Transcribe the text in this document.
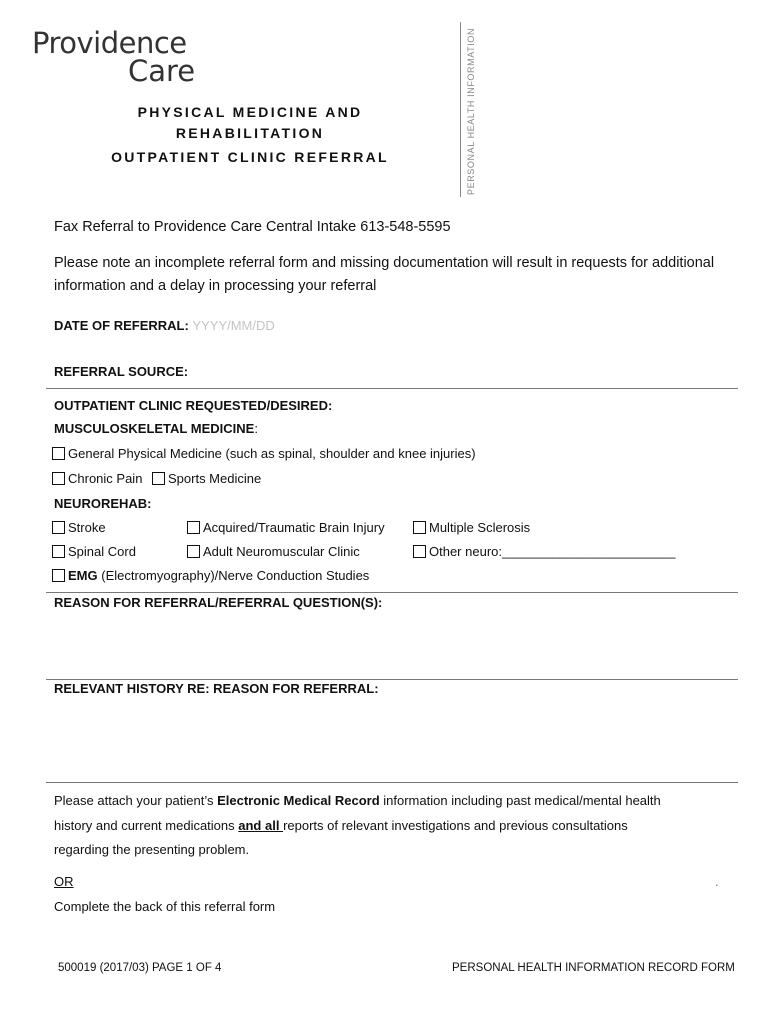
Providence
Care
PHYSICAL MEDICINE AND
REHABILITATION
OUTPATIENT CLINIC REFERRAL	PERSONAL HEALTH INFORMATION
Fax Referral to Providence Care Central Intake 613-548-5595
Please note an incomplete referral form and missing documentation will result in requests for additional
information and a delay in processing your referral
DATE OF REFERRAL: YYYY/MM/DD
REFERRAL SOURCE:
OUTPATIENT CLINIC REQUESTED/DESIRED:
MUSCULOSKELETAL MEDICINE:
General Physical Medicine (such as spinal, shoulder and knee injuries)
Chronic Pain	Sports Medicine
NEUROREHAB:
Stroke	Acquired/Traumatic Brain Injury	Multiple Sclerosis
Spinal Cord	Adult Neuromuscular Clinic	Other neuro:________________________
EMG (Electromyography)/Nerve Conduction Studies
REASON FOR REFERRAL/REFERRAL QUESTION(S):
RELEVANT HISTORY RE: REASON FOR REFERRAL:
Please attach your patient’s Electronic Medical Record information including past medical/mental health
history and current medications and all reports of relevant investigations and previous consultations
regarding the presenting problem.
OR	.
Complete the back of this referral form
500019 (2017/03) PAGE 1 OF 4	PERSONAL HEALTH INFORMATION RECORD FORM
